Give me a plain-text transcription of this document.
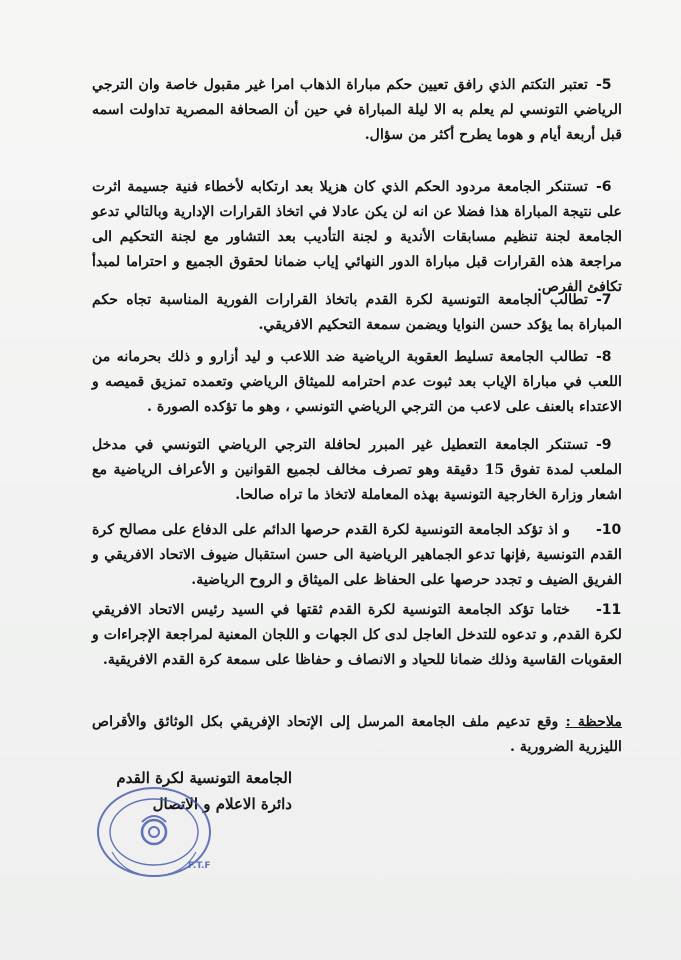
-5تعتبر التكتم الذي رافق تعيين حكم مباراة الذهاب امرا غير مقبول خاصة وان الترجي الرياضي التونسي لم يعلم به الا ليلة المباراة في حين أن الصحافة المصرية تداولت اسمه قبل أربعة أيام و هوما يطرح أكثر من سؤال.
-6تستنكر الجامعة مردود الحكم الذي كان هزيلا بعد ارتكابه لأخطاء فنية جسيمة اثرت على نتيجة المباراة هذا فضلا عن انه لن يكن عادلا في اتخاذ القرارات الإدارية وبالتالي تدعو الجامعة لجنة تنظيم مسابقات الأندية و لجنة التأديب بعد التشاور مع لجنة التحكيم الى مراجعة هذه القرارات قبل مباراة الدور النهائي إياب ضمانا لحقوق الجميع و احتراما لمبدأ تكافئ الفرص.
-7تطالب الجامعة التونسية لكرة القدم باتخاذ القرارات الفورية المناسبة تجاه حكم المباراة بما يؤكد حسن النوايا ويضمن سمعة التحكيم الافريقي.
-8تطالب الجامعة تسليط العقوبة الرياضية ضد اللاعب و ليد أزارو و ذلك بحرمانه من اللعب في مباراة الإياب بعد ثبوت عدم احترامه للميثاق الرياضي وتعمده تمزيق قميصه و الاعتداء بالعنف على لاعب من الترجي الرياضي التونسي ، وهو ما تؤكده الصورة .
-9تستنكر الجامعة التعطيل غير المبرر لحافلة الترجي الرياضي التونسي في مدخل الملعب لمدة تفوق 15 دقيقة وهو تصرف مخالف لجميع القوانين و الأعراف الرياضية مع اشعار وزارة الخارجية التونسية بهذه المعاملة لاتخاذ ما تراه صالحا.
-10و اذ تؤكد الجامعة التونسية لكرة القدم حرصها الدائم على الدفاع على مصالح كرة القدم التونسية ,فإنها تدعو الجماهير الرياضية الى حسن استقبال ضيوف الاتحاد الافريقي و الفريق الضيف و تجدد حرصها على الحفاظ على الميثاق و الروح الرياضية.
-11ختاما تؤكد الجامعة التونسية لكرة القدم ثقتها في السيد رئيس الاتحاد الافريقي لكرة القدم, و تدعوه للتدخل العاجل لدى كل الجهات و اللجان المعنية لمراجعة الإجراءات و العقوبات القاسية وذلك ضمانا للحياد و الانصاف و حفاظا على سمعة كرة القدم الافريقية.
ملاحظة : وقع تدعيم ملف الجامعة المرسل إلى الإتحاد الإفريقي بكل الوثائق والأقراص الليزرية الضرورية .
الجامعة التونسية لكرة القدم
دائرة الاعلام و الاتصال
F.T.F
